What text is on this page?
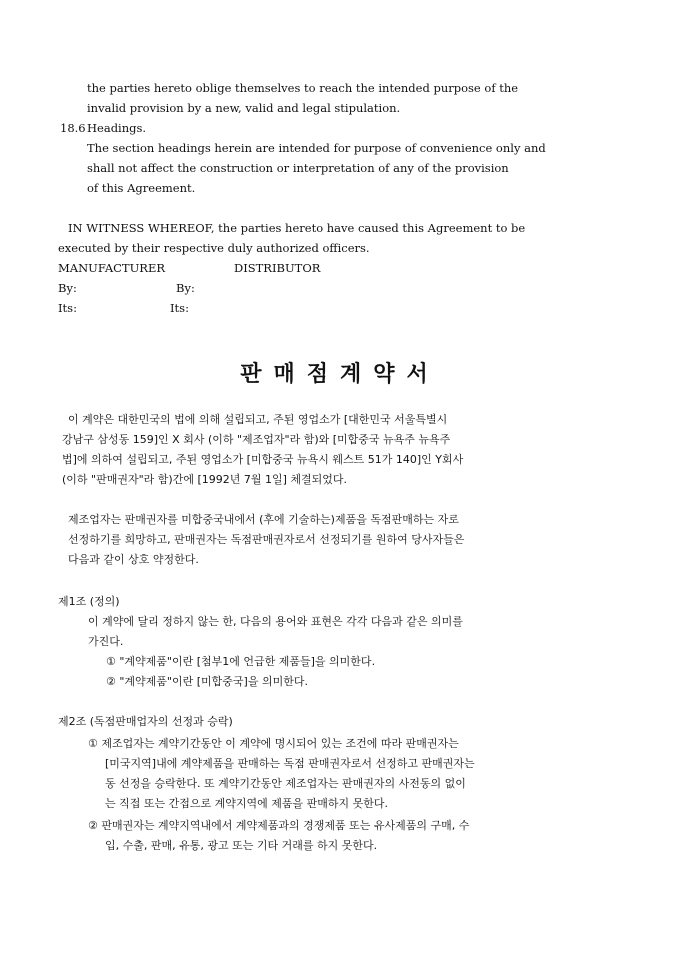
the parties hereto oblige themselves to reach the intended purpose of the
invalid provision by a new, valid and legal stipulation.
18.6 Headings.
The section headings herein are intended for purpose of convenience only and
shall not affect the construction or interpretation of any of the provision
of this Agreement.
IN WITNESS WHEREOF, the parties hereto have caused this Agreement to be
executed by their respective duly authorized officers.
MANUFACTURER	DISTRIBUTOR
By:	By:
Its:	Its:
판매점계약서
이 계약은 대한민국의 법에 의해 설립되고, 주된 영업소가 [대한민국 서울특별시
강남구 삼성동 159]인 X 회사 (이하 "제조업자"라 함)와 [미합중국 뉴욕주 뉴욕주
법]에 의하여 설립되고, 주된 영업소가 [미합중국 뉴욕시 웨스트 51가 140]인 Y회사
(이하 "판매권자"라 함)간에 [1992년 7월 1일] 체결되었다.
제조업자는 판매권자를 미합중국내에서 (후에 기술하는)제품을 독점판매하는 자로
선정하기를 희망하고, 판매권자는 독점판매권자로서 선정되기를 원하여 당사자들은
다음과 같이 상호 약정한다.
제1조 (정의)
이 계약에 달리 정하지 않는 한, 다음의 용어와 표현은 각각 다음과 같은 의미를
가진다.
① "계약제품"이란 [첨부1에 언급한 제품들]을 의미한다.
② "계약제품"이란 [미합중국]을 의미한다.
제2조 (독점판매업자의 선정과 승락)
① 제조업자는 계약기간동안 이 계약에 명시되어 있는 조건에 따라 판매권자는
[미국지역]내에 계약제품을 판매하는 독점 판매권자로서 선정하고 판매권자는
동 선정을 승락한다. 또 계약기간동안 제조업자는 판매권자의 사전동의 없이
는 직접 또는 간접으로 계약지역에 제품을 판매하지 못한다.
② 판매권자는 계약지역내에서 계약제품과의 경쟁제품 또는 유사제품의 구매, 수
입, 수출, 판매, 유통, 광고 또는 기타 거래를 하지 못한다.
